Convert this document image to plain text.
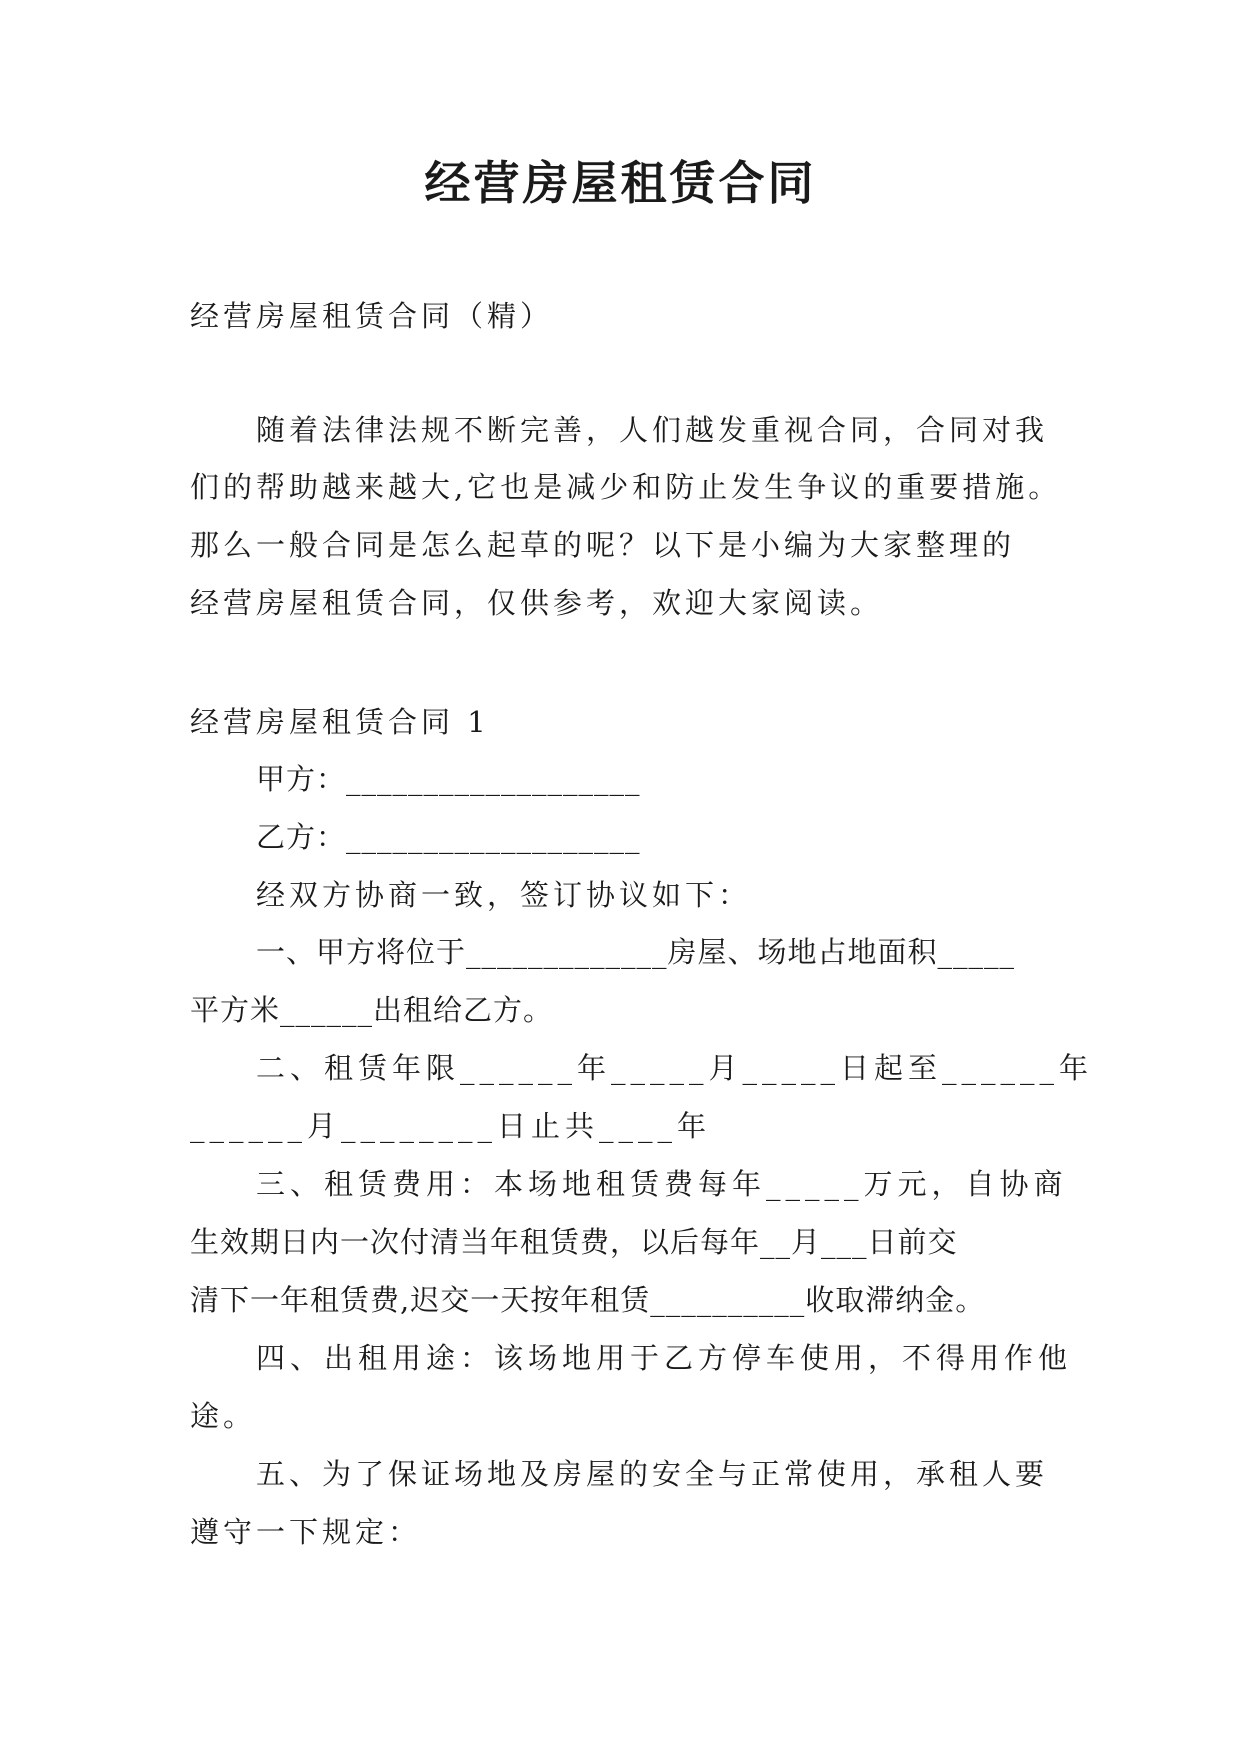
经营房屋租赁合同
经营房屋租赁合同（精）
随着法律法规不断完善，人们越发重视合同，合同对我
们的帮助越来越大,它也是减少和防止发生争议的重要措施。
那么一般合同是怎么起草的呢？以下是小编为大家整理的
经营房屋租赁合同，仅供参考，欢迎大家阅读。
经营房屋租赁合同 1
甲方：___________________
乙方：___________________
经双方协商一致，签订协议如下：
一、甲方将位于_____________房屋、场地占地面积_____
平方米______出租给乙方。
二、租赁年限______年_____月_____日起至______年
______月________日止共____年
三、租赁费用：本场地租赁费每年_____万元，自协商
生效期日内一次付清当年租赁费，以后每年__月___日前交
清下一年租赁费,迟交一天按年租赁__________收取滞纳金。
四、出租用途：该场地用于乙方停车使用，不得用作他
途。
五、为了保证场地及房屋的安全与正常使用，承租人要
遵守一下规定：
